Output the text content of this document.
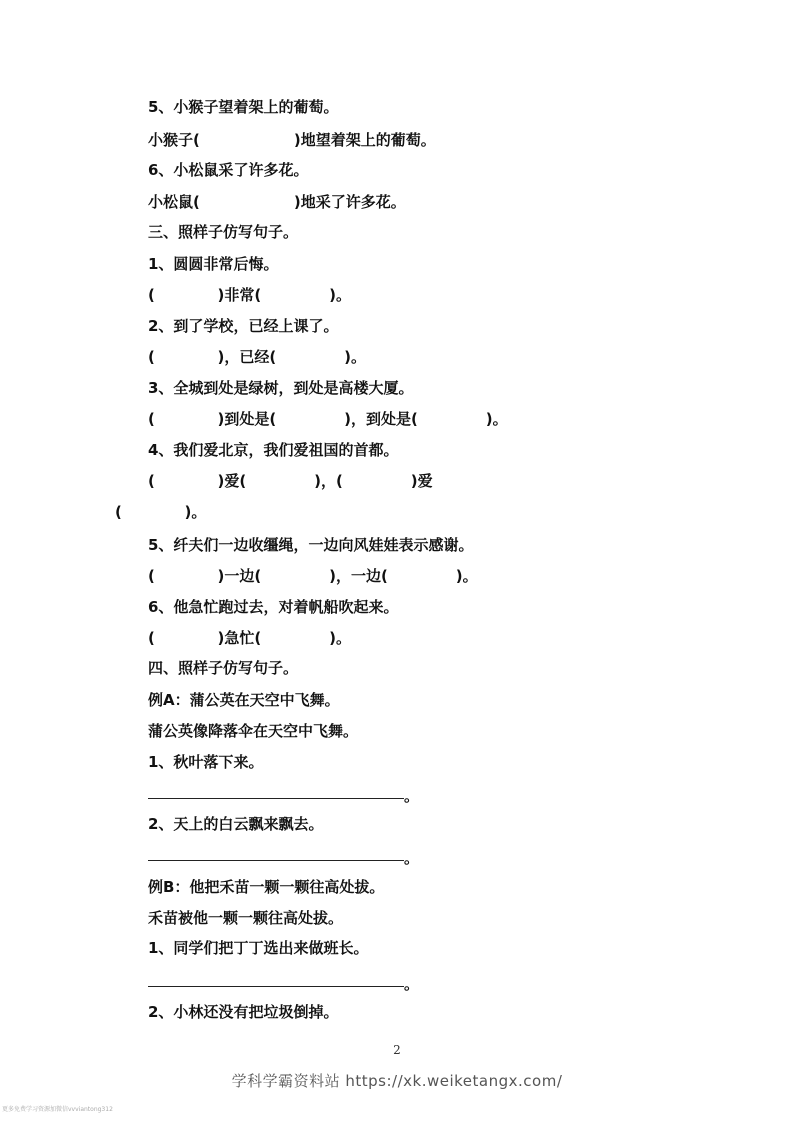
5、小猴子望着架上的葡萄。
小猴子(                  )地望着架上的葡萄。
6、小松鼠采了许多花。
小松鼠(                  )地采了许多花。
三、照样子仿写句子。
1、圆圆非常后悔。
(            )非常(             )。
2、到了学校，已经上课了。
(            )，已经(             )。
3、全城到处是绿树，到处是高楼大厦。
(            )到处是(             )，到处是(             )。
4、我们爱北京，我们爱祖国的首都。
(            )爱(             )，(             )爱
(            )。
5、纤夫们一边收缰绳，一边向风娃娃表示感谢。
(            )一边(             )，一边(             )。
6、他急忙跑过去，对着帆船吹起来。
(            )急忙(             )。
四、照样子仿写句子。
例A：蒲公英在天空中飞舞。
蒲公英像降落伞在天空中飞舞。
1、秋叶落下来。
。
2、天上的白云飘来飘去。
。
例B：他把禾苗一颗一颗往高处拔。
禾苗被他一颗一颗往高处拔。
1、同学们把丁丁选出来做班长。
。
2、小林还没有把垃圾倒掉。
2
学科学霸资料站 https://xk.weiketangx.com/
更多免费学习资源加微信vvviantong312
